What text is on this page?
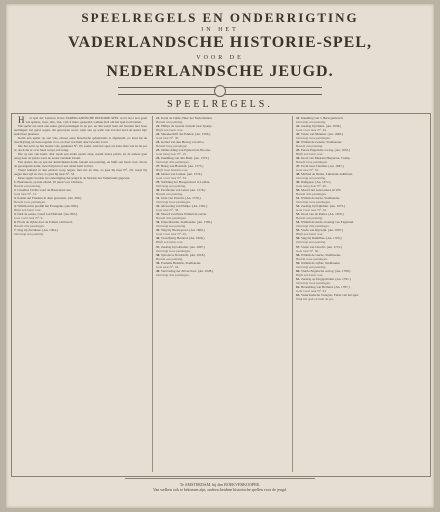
SPEELREGELS EN ONDERRIGTING
IN HET
VADERLANDSCHE HISTORIE-SPEL,
VOOR DE
NEDERLANDSCHE JEUGD.
SPEELREGELS.

H et spel der Letteren in het VADERLANDSCHE HISTORIE-SPEL word door een getal van spelers, twee, drie, vier, vijf of meer, gespeeld, welken zich om het spel-bord zetten.

Elk speler zet eerst een zeker getal penningen in de pot, en dan werpt men om beurten met twee teerlingen; het getal oogen, dat geworpen word, wijst aan op welk vak van het bord de speler zijn stuk moet plaatsen.

Komt een speler op een vak, alwaar eene historische gebeurtenis is afgebeeld, zo leest hij de beschrijving uit deze regelen voor, en doet wat hem daar bevolen word.

Die het eerst op het laatste vak, getekend N°. 63, komt, wint het spel, en trekt alles wat in de pot is; doch die er over heen werpt, telt terug.

Die op een vak komt, daar reeds een ander speler staat, neemt dezes plaats, en de andere gaat terug naar de plaats waar de eerste vandaan kwam.

Een speler, die op een der kruisvakken komt, betaalt een penning, en blijft een beurt over; die in de gevangenis komt, moet blijven tot een ander hem verlost.

Werpt iemand in den eersten worp negen, met zes en drie, zo gaat hij naar N°. 26; werpt hij negen met vijf en vier, zo gaat hij naar N°. 53.

Deze regels worden tot onderrigting der jeugd in de historie des Vaderlands gegeven.

1. Batavieren, op hun eiland, 65 jaren voor Christus.

Betaalt een penning.

2. Claudius Civilis voert de Batavieren aan.

Gaat naar N°. 12.

3. Komst der Franken in deze gewesten. (An. 300.)

Betaalt twee penningen.

4. Willibrordus predikt het Evangelie. (An. 690.)

Blijft een beurt over.

5. Dirk de eerste, Graaf van Holland. (An. 863.)

Gaat voort naar N°. 9.

6. Floris de vijfde door de Edelen vermoord.

Betaalt drie penningen.

7. Slag bij Zierikzee. (An. 1304.)

Ontvangt een penning.

21. Karel de vijfde, Heer der Nederlanden.

Betaalt een penning.

22. Philips de tweede vertrekt naar Spanje.

Blijft een beurt over.

23. Smeekschrift der Edelen. (An. 1566.)

Gaat naar N°. 30.

24. Komst van den Hertog van Alva.

Betaalt twee penningen.

25. Onthoofding van Egmond en Hoorne.

Gaat terug naar N°. 19.

26. Inneming van den Briel. (An. 1572.)

Ontvangt drie penningen.

27. Beleg van Haarlem. (An. 1573.)

Blijft twee beurten over.

28. Ontzet van Leiden. (An. 1574.)

Gaat voort naar N°. 34.

29. Stichting der Hoogeschool te Leiden.

Ontvangt een penning.

30. Pacificatie van Gend. (An. 1576.)

Betaalt een penning.

31. Unie van Utrecht. (An. 1579.)

Ontvangt twee penningen.

32. Afzwering van Philips. (An. 1581.)

Gaat naar N°. 38.

33. Moord van Prins Willem de eerste.

Betaalt drie penningen.

34. Prins Maurits, Stadhouder. (An. 1585.)

Ontvangt een penning.

35. Slag bij Nieuwpoort. (An. 1600.)

Gaat voort naar N°. 40.

36. Twaalfjarig Bestand. (An. 1609.)

Blijft een beurt over.

37. Zeeslag bij Gibraltar. (An. 1607.)

Ontvangt twee penningen.

38. Synode te Dordrecht. (An. 1618.)

Betaalt een penning.

39. Frederik Hendrik, Stadhouder.

Gaat naar N°. 44.

40. Verovering der Zilvervloot. (An. 1628.)

Ontvangt drie penningen.

41. Inneming van 's Hertogenbosch.

Ontvangt een penning.

42. Zeeslag bij Duins. (An. 1639.)

Gaat voort naar N°. 46.

43. Vrede van Munster. (An. 1648.)

Ontvangt twee penningen.

44. Willem de tweede, Stadhouder.

Betaalt een penning.

45. Eerste Engelsche oorlog. (An. 1652.)

Blijft een beurt over.

46. Dood van Maarten Harpertsz. Tromp.

Betaalt twee penningen.

47. Tocht naar Chattam. (An. 1667.)

Gaat naar N°. 52.

48. Michiel de Ruiter, Luitenant-Admiraal.

Ontvangt een penning.

49. Rampjaar. (An. 1672.)

Gaat terug naar N°. 40.

50. Moord der Gebroeders de Wit.

Betaalt drie penningen.

51. Willem de derde, Stadhouder.

Ontvangt twee penningen.

52. Zeeslag bij Kijkduin. (An. 1673.)

Gaat voort naar N°. 56.

53. Dood van de Ruiter. (An. 1676.)

Betaalt een penning.

54. Willem de derde, Koning van Engeland.

Ontvangt drie penningen.

55. Vrede van Rijswijk. (An. 1697.)

Blijft een beurt over.

56. Slag bij Ramillies. (An. 1706.)

Ontvangt een penning.

57. Vrede van Utrecht. (An. 1713.)

Gaat naar N°. 60.

58. Willem de vierde, Stadhouder.

Betaalt twee penningen.

59. Willem de vijfde, Stadhouder.

Ontvangt een penning.

60. Vierde Engelsche oorlog. (An. 1780.)

Blijft een beurt over.

61. Zeeslag op Doggersbank. (An. 1781.)

Ontvangt twee penningen.

62. Herstelling van Holland. (An. 1787.)

Gaat voort naar N°. 63.

63. Vaderlandsche Vreugde. Einde van het spel.

Wint het spel en trekt de pot.

Te AMSTERDAM, bij den BOEKVERKOOPER.
Van welken ook te bekomen zijn, onderscheidene historische spellen voor de jeugd.
